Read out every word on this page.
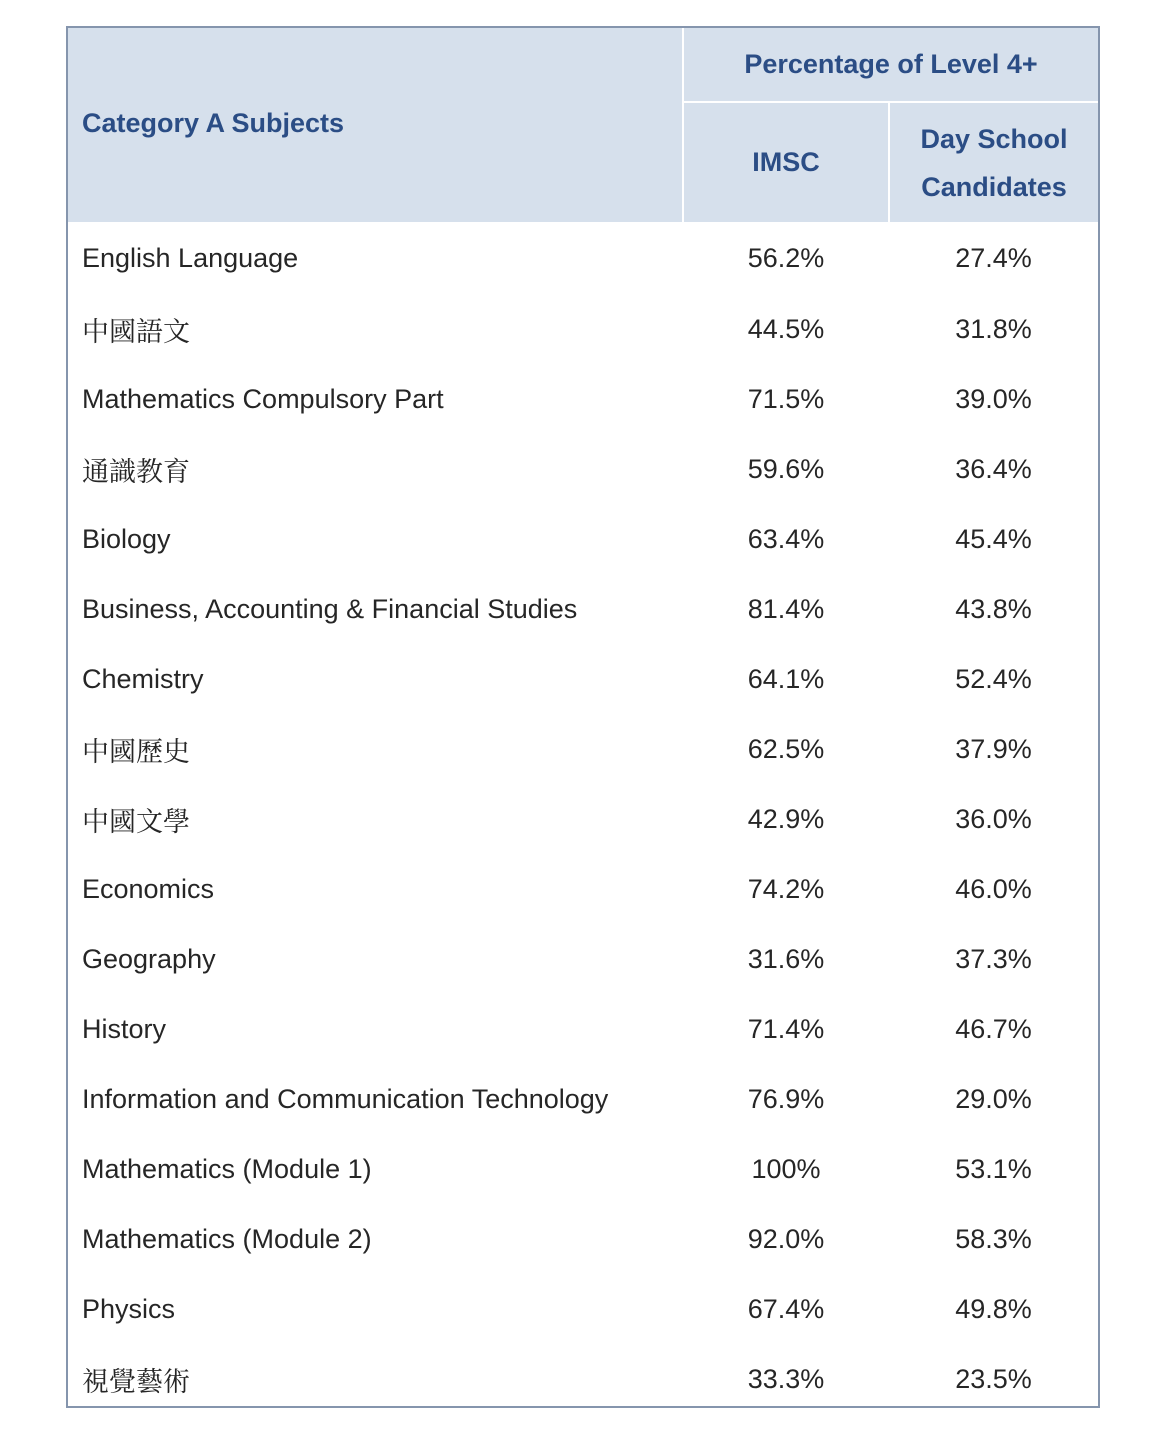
Category A Subjects	Percentage of Level 4+	
	IMSC	Day School
Candidates
English Language	56.2%	27.4%
中國語文	44.5%	31.8%
Mathematics Compulsory Part	71.5%	39.0%
通識教育	59.6%	36.4%
Biology	63.4%	45.4%
Business, Accounting & Financial Studies	81.4%	43.8%
Chemistry	64.1%	52.4%
中國歷史	62.5%	37.9%
中國文學	42.9%	36.0%
Economics	74.2%	46.0%
Geography	31.6%	37.3%
History	71.4%	46.7%
Information and Communication Technology	76.9%	29.0%
Mathematics (Module 1)	100%	53.1%
Mathematics (Module 2)	92.0%	58.3%
Physics	67.4%	49.8%
視覺藝術	33.3%	23.5%
